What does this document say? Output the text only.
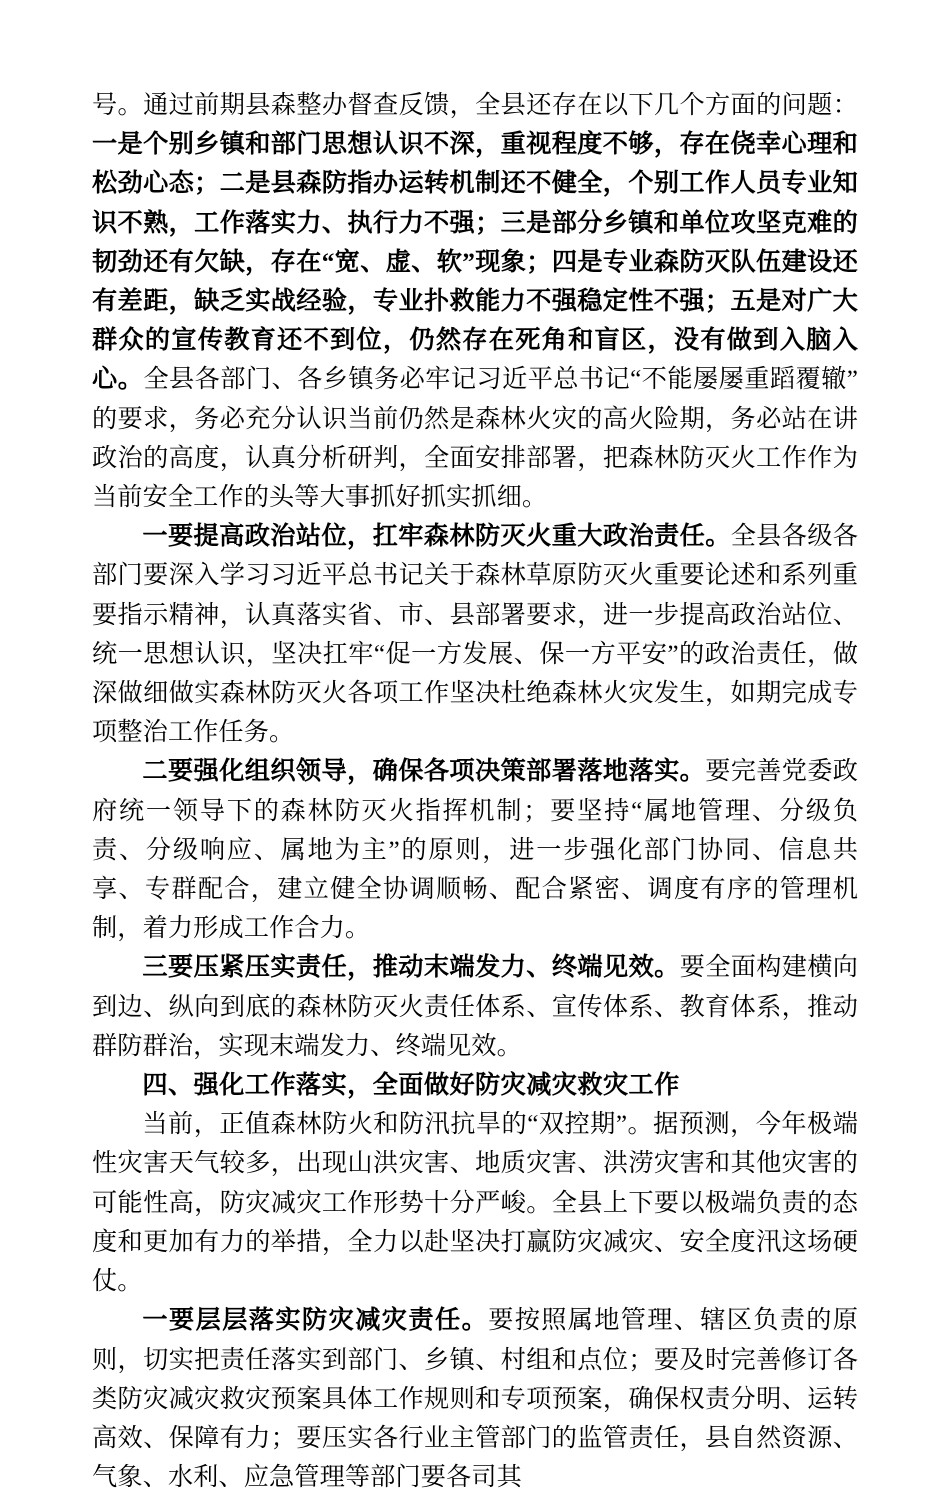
号。通过前期县森整办督查反馈，全县还存在以下几个方面的问题：一是个别乡镇和部门思想认识不深，重视程度不够，存在侥幸心理和松劲心态；二是县森防指办运转机制还不健全，个别工作人员专业知识不熟，工作落实力、执行力不强；三是部分乡镇和单位攻坚克难的韧劲还有欠缺，存在“宽、虚、软”现象；四是专业森防灭队伍建设还有差距，缺乏实战经验，专业扑救能力不强稳定性不强；五是对广大群众的宣传教育还不到位，仍然存在死角和盲区，没有做到入脑入心。全县各部门、各乡镇务必牢记习近平总书记“不能屡屡重蹈覆辙”的要求，务必充分认识当前仍然是森林火灾的高火险期，务必站在讲政治的高度，认真分析研判，全面安排部署，把森林防灭火工作作为当前安全工作的头等大事抓好抓实抓细。

一要提高政治站位，扛牢森林防灭火重大政治责任。全县各级各部门要深入学习习近平总书记关于森林草原防灭火重要论述和系列重要指示精神，认真落实省、市、县部署要求，进一步提高政治站位、统一思想认识，坚决扛牢“促一方发展、保一方平安”的政治责任，做深做细做实森林防灭火各项工作坚决杜绝森林火灾发生，如期完成专项整治工作任务。

二要强化组织领导，确保各项决策部署落地落实。要完善党委政府统一领导下的森林防灭火指挥机制；要坚持“属地管理、分级负责、分级响应、属地为主”的原则，进一步强化部门协同、信息共享、专群配合，建立健全协调顺畅、配合紧密、调度有序的管理机制，着力形成工作合力。

三要压紧压实责任，推动末端发力、终端见效。要全面构建横向到边、纵向到底的森林防灭火责任体系、宣传体系、教育体系，推动群防群治，实现末端发力、终端见效。

四、强化工作落实，全面做好防灾减灾救灾工作

当前，正值森林防火和防汛抗旱的“双控期”。据预测，今年极端性灾害天气较多，出现山洪灾害、地质灾害、洪涝灾害和其他灾害的可能性高，防灾减灾工作形势十分严峻。全县上下要以极端负责的态度和更加有力的举措，全力以赴坚决打赢防灾减灾、安全度汛这场硬仗。

一要层层落实防灾减灾责任。要按照属地管理、辖区负责的原则，切实把责任落实到部门、乡镇、村组和点位；要及时完善修订各类防灾减灾救灾预案具体工作规则和专项预案，确保权责分明、运转高效、保障有力；要压实各行业主管部门的监管责任，县自然资源、气象、水利、应急管理等部门要各司其
